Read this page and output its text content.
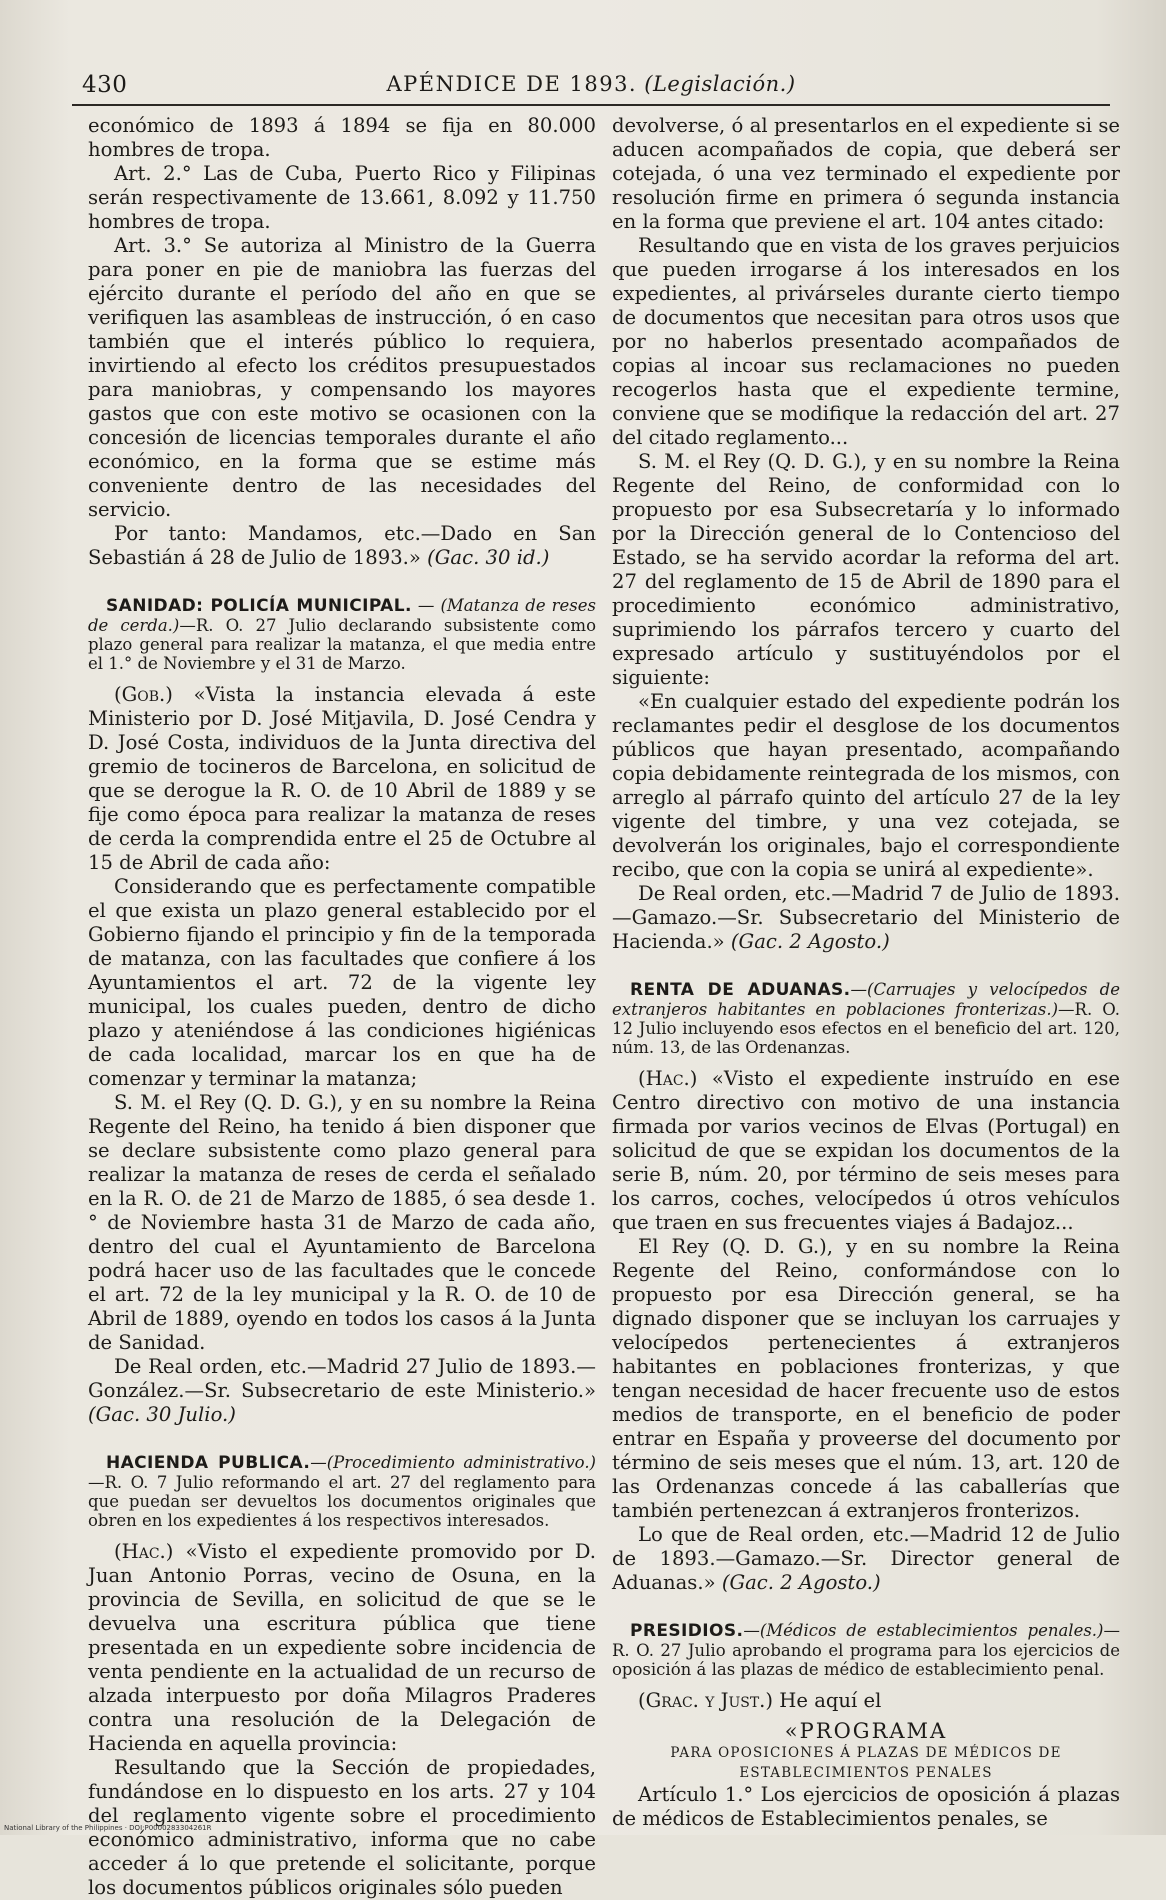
430	APÉNDICE DE 1893. (Legislación.)

económico de 1893 á 1894 se fija en 80.000 hombres de tropa.

Art. 2.° Las de Cuba, Puerto Rico y Filipinas serán respectivamente de 13.661, 8.092 y 11.750 hombres de tropa.

Art. 3.° Se autoriza al Ministro de la Guerra para poner en pie de maniobra las fuerzas del ejército durante el período del año en que se verifiquen las asambleas de instrucción, ó en caso también que el interés público lo requiera, invirtiendo al efecto los créditos presupuestados para maniobras, y compensando los mayores gastos que con este motivo se ocasionen con la concesión de licencias temporales durante el año económico, en la forma que se estime más conveniente dentro de las necesidades del servicio.

Por tanto: Mandamos, etc.—Dado en San Sebastián á 28 de Julio de 1893.» (Gac. 30 id.)

SANIDAD: POLICÍA MUNICIPAL. — (Matanza de reses de cerda.)—R. O. 27 Julio declarando subsistente como plazo general para realizar la matanza, el que media entre el 1.° de Noviembre y el 31 de Marzo.

(Gob.) «Vista la instancia elevada á este Ministerio por D. José Mitjavila, D. José Cendra y D. José Costa, individuos de la Junta directiva del gremio de tocineros de Barcelona, en solicitud de que se derogue la R. O. de 10 Abril de 1889 y se fije como época para realizar la matanza de reses de cerda la comprendida entre el 25 de Octubre al 15 de Abril de cada año:

Considerando que es perfectamente compatible el que exista un plazo general establecido por el Gobierno fijando el principio y fin de la temporada de matanza, con las facultades que confiere á los Ayuntamientos el art. 72 de la vigente ley municipal, los cuales pueden, dentro de dicho plazo y ateniéndose á las condiciones higiénicas de cada localidad, marcar los en que ha de comenzar y terminar la matanza;

S. M. el Rey (Q. D. G.), y en su nombre la Reina Regente del Reino, ha tenido á bien disponer que se declare subsistente como plazo general para realizar la matanza de reses de cerda el señalado en la R. O. de 21 de Marzo de 1885, ó sea desde 1.° de Noviembre hasta 31 de Marzo de cada año, dentro del cual el Ayuntamiento de Barcelona podrá hacer uso de las facultades que le concede el art. 72 de la ley municipal y la R. O. de 10 de Abril de 1889, oyendo en todos los casos á la Junta de Sanidad.

De Real orden, etc.—Madrid 27 Julio de 1893.—González.—Sr. Subsecretario de este Ministerio.» (Gac. 30 Julio.)

HACIENDA PUBLICA.—(Procedimiento administrativo.)—R. O. 7 Julio reformando el art. 27 del reglamento para que puedan ser devueltos los documentos originales que obren en los expedientes á los respectivos interesados.

(Hac.) «Visto el expediente promovido por D. Juan Antonio Porras, vecino de Osuna, en la provincia de Sevilla, en solicitud de que se le devuelva una escritura pública que tiene presentada en un expediente sobre incidencia de venta pendiente en la actualidad de un recurso de alzada interpuesto por doña Milagros Praderes contra una resolución de la Delegación de Hacienda en aquella provincia:

Resultando que la Sección de propiedades, fundándose en lo dispuesto en los arts. 27 y 104 del reglamento vigente sobre el procedimiento económico administrativo, informa que no cabe acceder á lo que pretende el solicitante, porque los documentos públicos originales sólo pueden

devolverse, ó al presentarlos en el expediente si se aducen acompañados de copia, que deberá ser cotejada, ó una vez terminado el expediente por resolución firme en primera ó segunda instancia en la forma que previene el art. 104 antes citado:

Resultando que en vista de los graves perjuicios que pueden irrogarse á los interesados en los expedientes, al privárseles durante cierto tiempo de documentos que necesitan para otros usos que por no haberlos presentado acompañados de copias al incoar sus reclamaciones no pueden recogerlos hasta que el expediente termine, conviene que se modifique la redacción del art. 27 del citado reglamento...

S. M. el Rey (Q. D. G.), y en su nombre la Reina Regente del Reino, de conformidad con lo propuesto por esa Subsecretaría y lo informado por la Dirección general de lo Contencioso del Estado, se ha servido acordar la reforma del art. 27 del reglamento de 15 de Abril de 1890 para el procedimiento económico administrativo, suprimiendo los párrafos tercero y cuarto del expresado artículo y sustituyéndolos por el siguiente:

«En cualquier estado del expediente podrán los reclamantes pedir el desglose de los documentos públicos que hayan presentado, acompañando copia debidamente reintegrada de los mismos, con arreglo al párrafo quinto del artículo 27 de la ley vigente del timbre, y una vez cotejada, se devolverán los originales, bajo el correspondiente recibo, que con la copia se unirá al expediente».

De Real orden, etc.—Madrid 7 de Julio de 1893.—Gamazo.—Sr. Subsecretario del Ministerio de Hacienda.» (Gac. 2 Agosto.)

RENTA DE ADUANAS.—(Carruajes y velocípedos de extranjeros habitantes en poblaciones fronterizas.)—R. O. 12 Julio incluyendo esos efectos en el beneficio del art. 120, núm. 13, de las Ordenanzas.

(Hac.) «Visto el expediente instruído en ese Centro directivo con motivo de una instancia firmada por varios vecinos de Elvas (Portugal) en solicitud de que se expidan los documentos de la serie B, núm. 20, por término de seis meses para los carros, coches, velocípedos ú otros vehículos que traen en sus frecuentes viajes á Badajoz...

El Rey (Q. D. G.), y en su nombre la Reina Regente del Reino, conformándose con lo propuesto por esa Dirección general, se ha dignado disponer que se incluyan los carruajes y velocípedos pertenecientes á extranjeros habitantes en poblaciones fronterizas, y que tengan necesidad de hacer frecuente uso de estos medios de transporte, en el beneficio de poder entrar en España y proveerse del documento por término de seis meses que el núm. 13, art. 120 de las Ordenanzas concede á las caballerías que también pertenezcan á extranjeros fronterizos.

Lo que de Real orden, etc.—Madrid 12 de Julio de 1893.—Gamazo.—Sr. Director general de Aduanas.» (Gac. 2 Agosto.)

PRESIDIOS.—(Médicos de establecimientos penales.)—R. O. 27 Julio aprobando el programa para los ejercicios de oposición á las plazas de médico de establecimiento penal.

(Grac. y Just.) He aquí el

«PROGRAMA

PARA OPOSICIONES Á PLAZAS DE MÉDICOS DE ESTABLECIMIENTOS PENALES

Artículo 1.° Los ejercicios de oposición á plazas de médicos de Establecimientos penales, se

National Library of the Philippines · DOI:P0000283304261R
